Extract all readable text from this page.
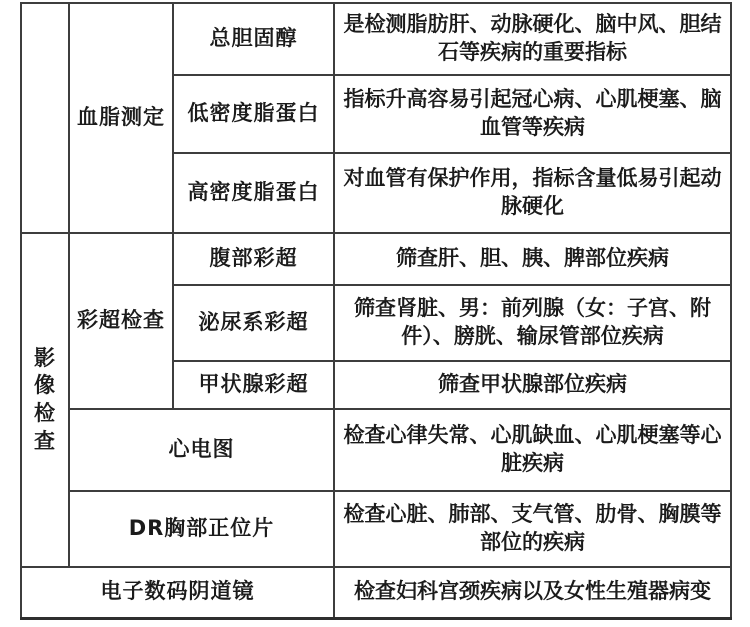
	血脂测定	总胆固醇	是检测脂肪肝、动脉硬化、脑中风、胆结石等疾病的重要指标
		低密度脂蛋白	指标升高容易引起冠心病、心肌梗塞、脑血管等疾病
		高密度脂蛋白	对血管有保护作用，指标含量低易引起动脉硬化

影像检查	彩超检查	腹部彩超	筛查肝、胆、胰、脾部位疾病
		泌尿系彩超	筛查肾脏、男：前列腺（女：子宫、附件）、膀胱、输尿管部位疾病
		甲状腺彩超	筛查甲状腺部位疾病
	心电图		检查心律失常、心肌缺血、心肌梗塞等心脏疾病
	DR胸部正位片		检查心脏、肺部、支气管、肋骨、胸膜等部位的疾病
电子数码阴道镜			检查妇科宫颈疾病以及女性生殖器病变
